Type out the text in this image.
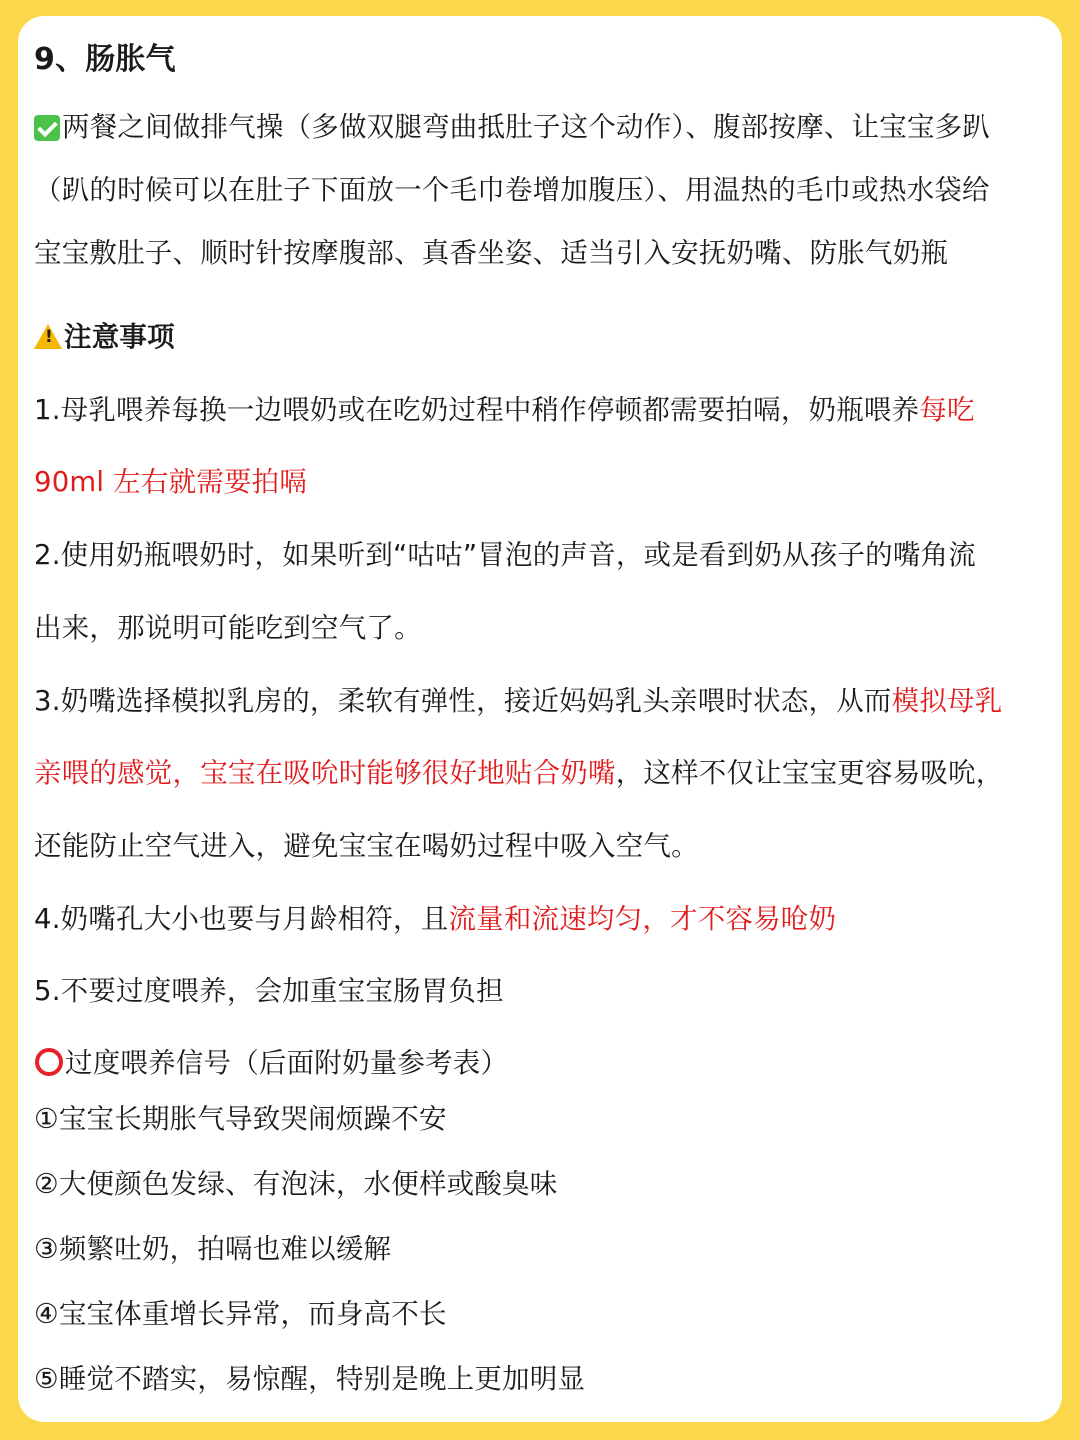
9、肠胀气
两餐之间做排气操（多做双腿弯曲抵肚子这个动作）、腹部按摩、让宝宝多趴
（趴的时候可以在肚子下面放一个毛巾卷增加腹压）、用温热的毛巾或热水袋给
宝宝敷肚子、顺时针按摩腹部、真香坐姿、适当引入安抚奶嘴、防胀气奶瓶
!注意事项
1.母乳喂养每换一边喂奶或在吃奶过程中稍作停顿都需要拍嗝，奶瓶喂养每吃
90ml 左右就需要拍嗝
2.使用奶瓶喂奶时，如果听到“咕咕”冒泡的声音，或是看到奶从孩子的嘴角流
出来，那说明可能吃到空气了。
3.奶嘴选择模拟乳房的，柔软有弹性，接近妈妈乳头亲喂时状态，从而模拟母乳
亲喂的感觉，宝宝在吸吮时能够很好地贴合奶嘴，这样不仅让宝宝更容易吸吮，
还能防止空气进入，避免宝宝在喝奶过程中吸入空气。
4.奶嘴孔大小也要与月龄相符，且流量和流速均匀，才不容易呛奶
5.不要过度喂养，会加重宝宝肠胃负担
过度喂养信号（后面附奶量参考表）
①宝宝长期胀气导致哭闹烦躁不安
②大便颜色发绿、有泡沫，水便样或酸臭味
③频繁吐奶，拍嗝也难以缓解
④宝宝体重增长异常，而身高不长
⑤睡觉不踏实，易惊醒，特别是晚上更加明显
